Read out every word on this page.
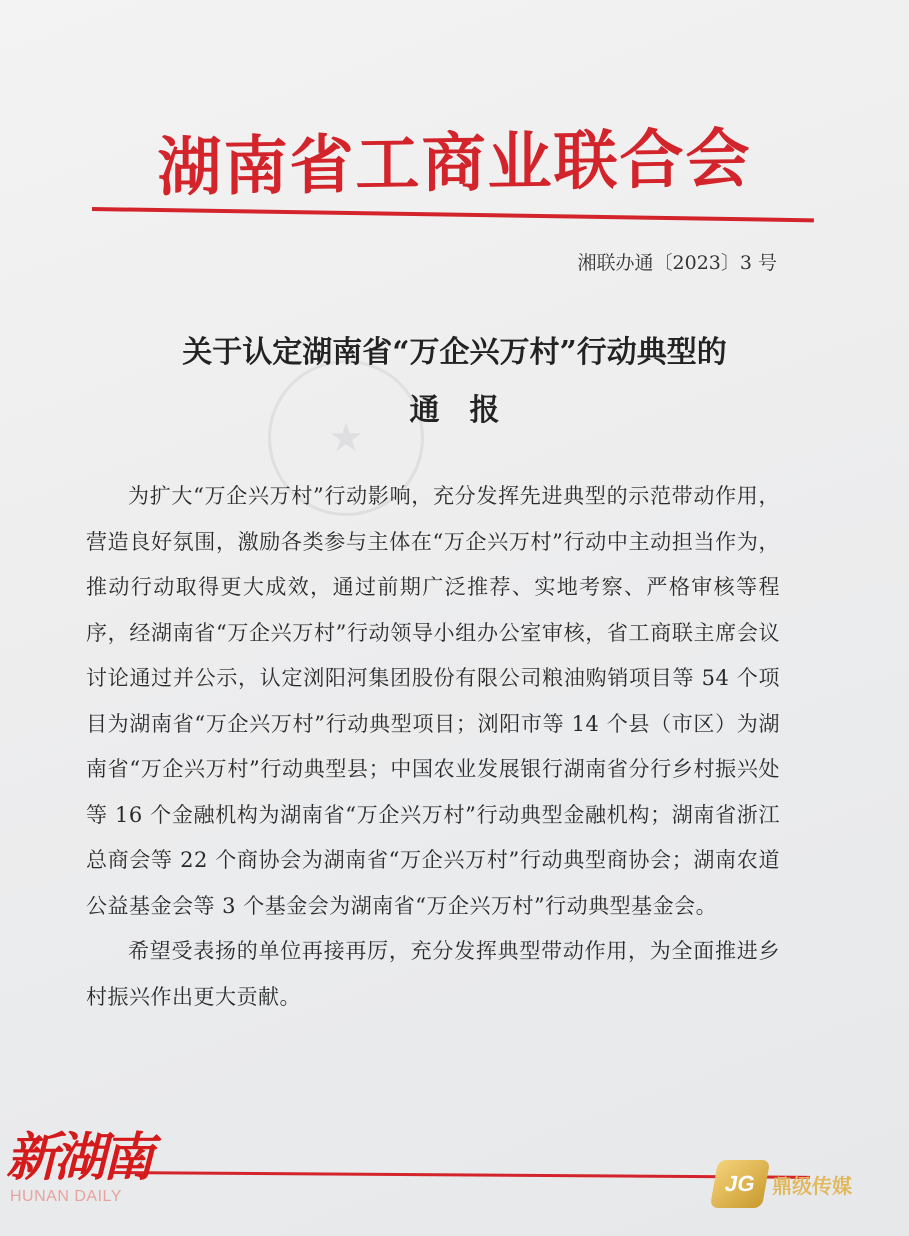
湖南省工商业联合会
湘联办通〔2023〕3 号
★
关于认定湖南省“万企兴万村”行动典型的
通报

为扩大“万企兴万村”行动影响，充分发挥先进典型的示范带动作用，营造良好氛围，激励各类参与主体在“万企兴万村”行动中主动担当作为，推动行动取得更大成效，通过前期广泛推荐、实地考察、严格审核等程序，经湖南省“万企兴万村”行动领导小组办公室审核，省工商联主席会议讨论通过并公示，认定浏阳河集团股份有限公司粮油购销项目等 54 个项目为湖南省“万企兴万村”行动典型项目；浏阳市等 14 个县（市区）为湖南省“万企兴万村”行动典型县；中国农业发展银行湖南省分行乡村振兴处等 16 个金融机构为湖南省“万企兴万村”行动典型金融机构；湖南省浙江总商会等 22 个商协会为湖南省“万企兴万村”行动典型商协会；湖南农道公益基金会等 3 个基金会为湖南省“万企兴万村”行动典型基金会。

希望受表扬的单位再接再厉，充分发挥典型带动作用，为全面推进乡村振兴作出更大贡献。

新湖南
HUNAN DAILY
JG 鼎级传媒
